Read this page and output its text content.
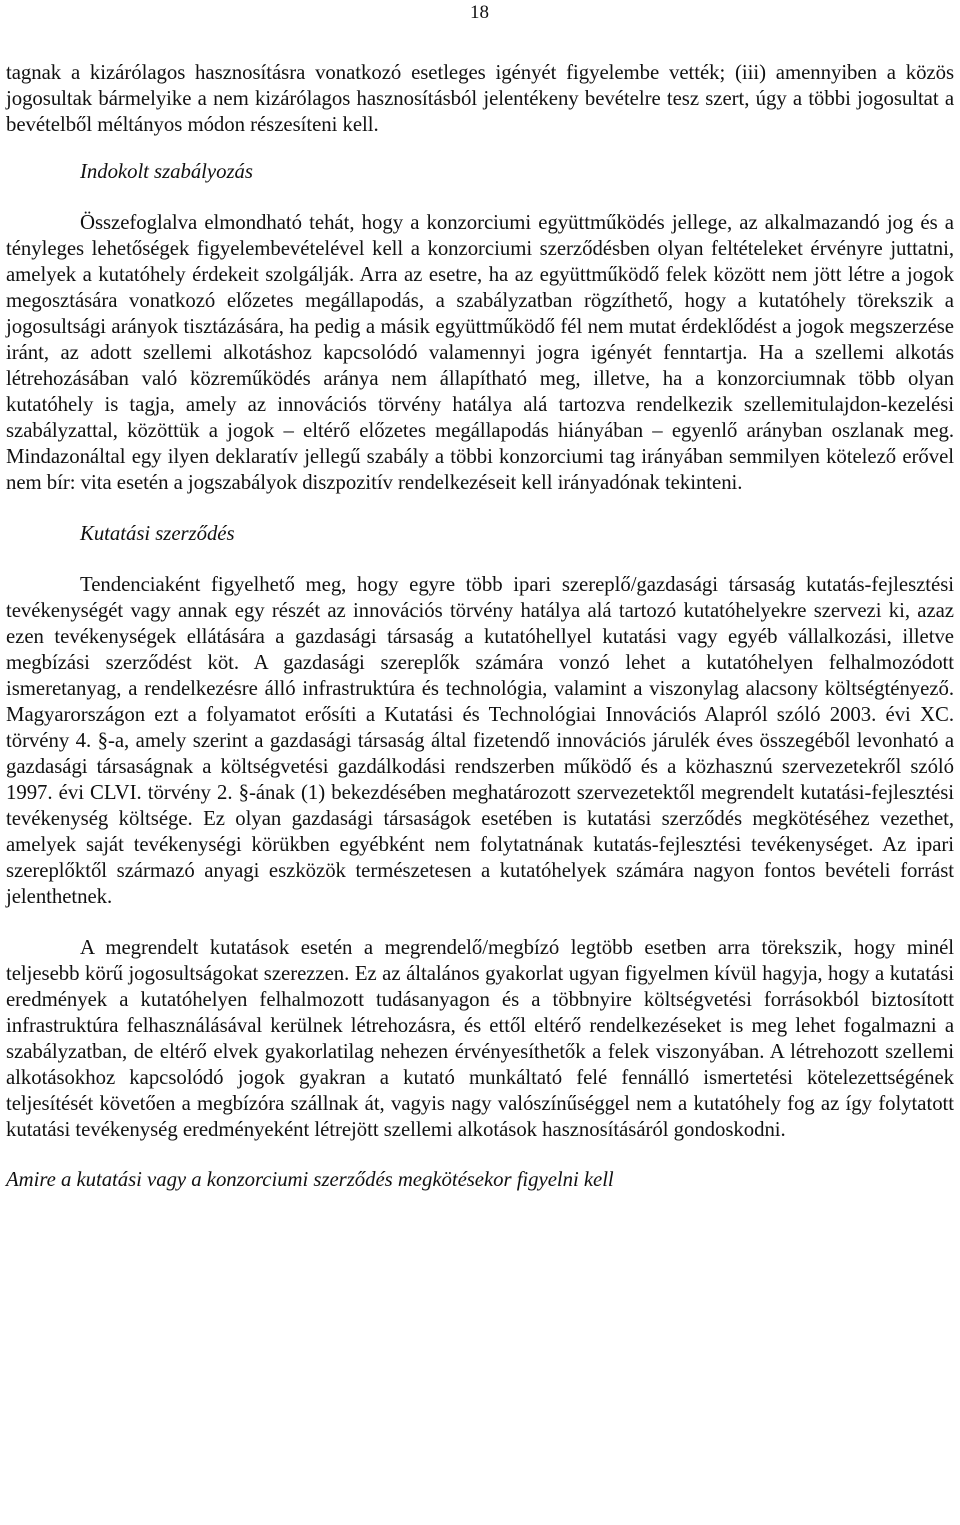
18

tagnak a kizárólagos hasznosításra vonatkozó esetleges igényét figyelembe vették; (iii) amennyiben a közös jogosultak bármelyike a nem kizárólagos hasznosításból jelentékeny bevételre tesz szert, úgy a többi jogosultat a bevételből méltányos módon részesíteni kell.

Indokolt szabályozás

Összefoglalva elmondható tehát, hogy a konzorciumi együttműködés jellege, az alkalmazandó jog és a tényleges lehetőségek figyelembevételével kell a konzorciumi szerződésben olyan feltételeket érvényre juttatni, amelyek a kutatóhely érdekeit szolgálják. Arra az esetre, ha az együttműködő felek között nem jött létre a jogok megosztására vonatkozó előzetes megállapodás, a szabályzatban rögzíthető, hogy a kutatóhely törekszik a jogosultsági arányok tisztázására, ha pedig a másik együttműködő fél nem mutat érdeklődést a jogok megszerzése iránt, az adott szellemi alkotáshoz kapcsolódó valamennyi jogra igényét fenntartja. Ha a szellemi alkotás létrehozásában való közreműködés aránya nem állapítható meg, illetve, ha a konzorciumnak több olyan kutatóhely is tagja, amely az innovációs törvény hatálya alá tartozva rendelkezik szellemitulajdon-kezelési szabályzattal, közöttük a jogok – eltérő előzetes megállapodás hiányában – egyenlő arányban oszlanak meg. Mindazonáltal egy ilyen deklaratív jellegű szabály a többi konzorciumi tag irányában semmilyen kötelező erővel nem bír: vita esetén a jogszabályok diszpozitív rendelkezéseit kell irányadónak tekinteni.

Kutatási szerződés

Tendenciaként figyelhető meg, hogy egyre több ipari szereplő/gazdasági társaság kutatás-fejlesztési tevékenységét vagy annak egy részét az innovációs törvény hatálya alá tartozó kutatóhelyekre szervezi ki, azaz ezen tevékenységek ellátására a gazdasági társaság a kutatóhellyel kutatási vagy egyéb vállalkozási, illetve megbízási szerződést köt. A gazdasági szereplők számára vonzó lehet a kutatóhelyen felhalmozódott ismeretanyag, a rendelkezésre álló infrastruktúra és technológia, valamint a viszonylag alacsony költségtényező. Magyarországon ezt a folyamatot erősíti a Kutatási és Technológiai Innovációs Alapról szóló 2003. évi XC. törvény 4. §-a, amely szerint a gazdasági társaság által fizetendő innovációs járulék éves összegéből levonható a gazdasági társaságnak a költségvetési gazdálkodási rendszerben működő és a közhasznú szervezetekről szóló 1997. évi CLVI. törvény 2. §-ának (1) bekezdésében meghatározott szervezetektől megrendelt kutatási-fejlesztési tevékenység költsége. Ez olyan gazdasági társaságok esetében is kutatási szerződés megkötéséhez vezethet, amelyek saját tevékenységi körükben egyébként nem folytatnának kutatás-fejlesztési tevékenységet. Az ipari szereplőktől származó anyagi eszközök természetesen a kutatóhelyek számára nagyon fontos bevételi forrást jelenthetnek.

A megrendelt kutatások esetén a megrendelő/megbízó legtöbb esetben arra törekszik, hogy minél teljesebb körű jogosultságokat szerezzen. Ez az általános gyakorlat ugyan figyelmen kívül hagyja, hogy a kutatási eredmények a kutatóhelyen felhalmozott tudásanyagon és a többnyire költségvetési forrásokból biztosított infrastruktúra felhasználásával kerülnek létrehozásra, és ettől eltérő rendelkezéseket is meg lehet fogalmazni a szabályzatban, de eltérő elvek gyakorlatilag nehezen érvényesíthetők a felek viszonyában. A létrehozott szellemi alkotásokhoz kapcsolódó jogok gyakran a kutató munkáltató felé fennálló ismertetési kötelezettségének teljesítését követően a megbízóra szállnak át, vagyis nagy valószínűséggel nem a kutatóhely fog az így folytatott kutatási tevékenység eredményeként létrejött szellemi alkotások hasznosításáról gondoskodni.

Amire a kutatási vagy a konzorciumi szerződés megkötésekor figyelni kell
